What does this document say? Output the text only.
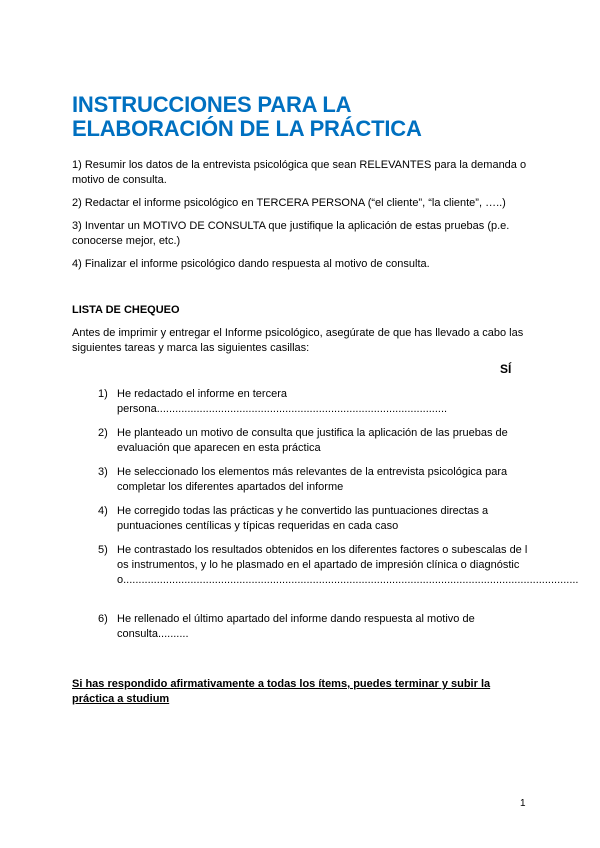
INSTRUCCIONES PARA LA
ELABORACIÓN DE LA PRÁCTICA

1) Resumir los datos de la entrevista psicológica que sean RELEVANTES para la demanda o motivo de consulta.

2) Redactar el informe psicológico en TERCERA PERSONA (“el cliente”, “la cliente”, …..)

3) Inventar un MOTIVO DE CONSULTA que justifique la aplicación de estas pruebas (p.e. conocerse mejor, etc.)

4) Finalizar el informe psicológico dando respuesta al motivo de consulta.

LISTA DE CHEQUEO

Antes de imprimir y entregar el Informe psicológico, asegúrate de que has llevado a cabo las siguientes tareas y marca las siguientes casillas:

SÍ
1) He redactado el informe en tercera persona...............................................................................................
2) He planteado un motivo de consulta que justifica la aplicación de las pruebas de evaluación que aparecen en esta práctica
3) He seleccionado los elementos más relevantes de la entrevista psicológica para completar los diferentes apartados del informe
4) He corregido todas las prácticas y he convertido las puntuaciones directas a puntuaciones centílicas y típicas requeridas en cada caso
5) He contrastado los resultados obtenidos en los diferentes factores o subescalas de los instrumentos, y lo he plasmado en el apartado de impresión clínica o diagnóstico.....................................................................................................................................................
6) He rellenado el último apartado del informe dando respuesta al motivo de consulta..........

Si has respondido afirmativamente a todas los ítems, puedes terminar y subir la práctica a studium

1
